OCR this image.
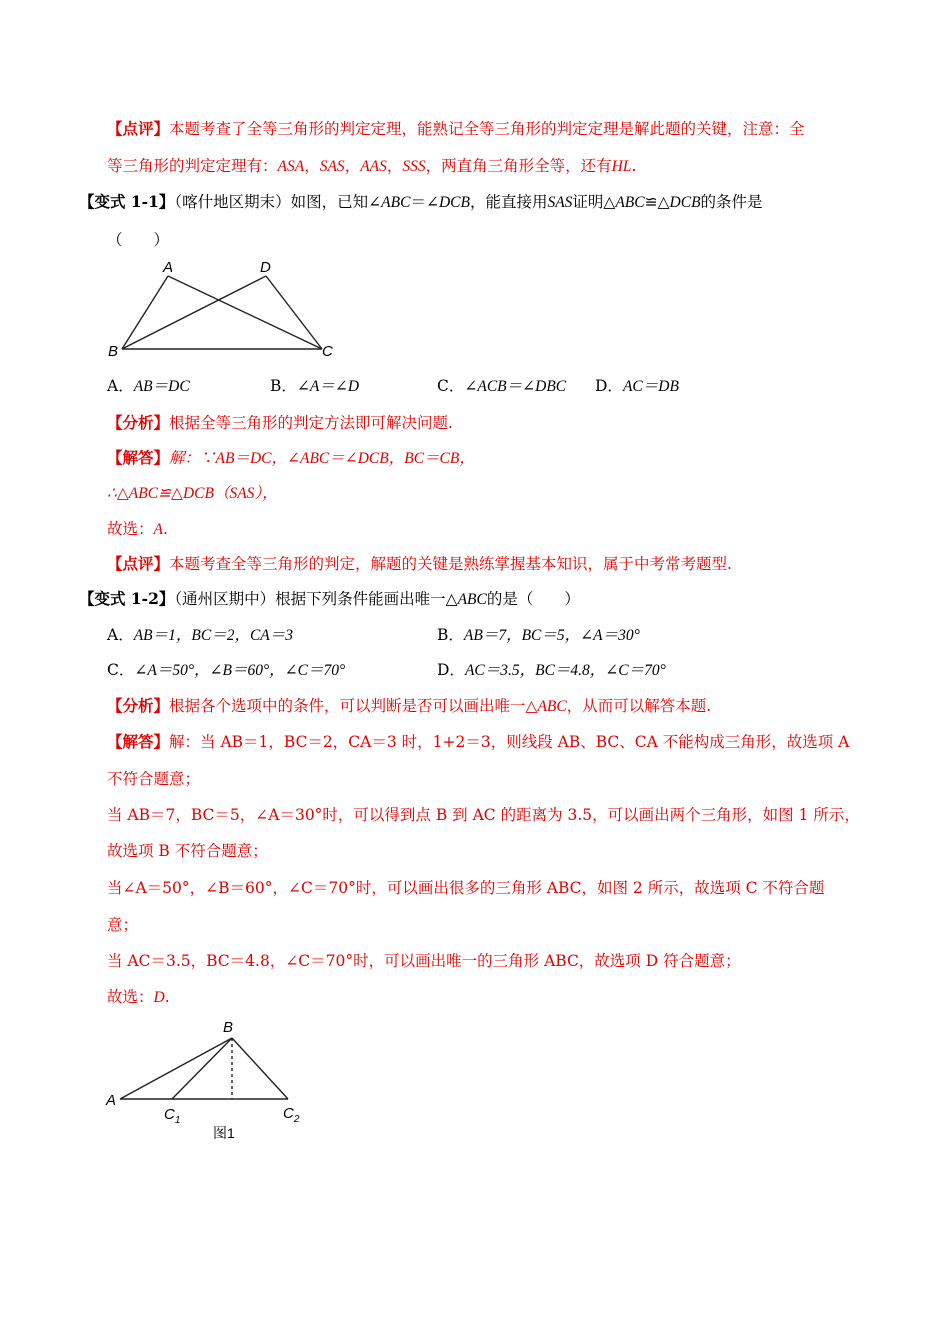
【点评】本题考查了全等三角形的判定定理，能熟记全等三角形的判定定理是解此题的关键，注意：全
等三角形的判定定理有：ASA，SAS，AAS，SSS，两直角三角形全等，还有HL.
【变式 1-1】（喀什地区期末）如图，已知∠ABC＝∠DCB，能直接用SAS证明△ABC≌△DCB的条件是
（　　）
A	D
B	C
A．AB＝DC	B．∠A＝∠D	C．∠ACB＝∠DBC D．AC＝DB
【分析】根据全等三角形的判定方法即可解决问题.
【解答】解：∵AB＝DC，∠ABC＝∠DCB，BC＝CB，
∴△ABC≌△DCB（SAS），
故选：A.
【点评】本题考查全等三角形的判定，解题的关键是熟练掌握基本知识，属于中考常考题型.
【变式 1-2】（通州区期中）根据下列条件能画出唯一△ABC的是（　　）
A．AB＝1，BC＝2，CA＝3	B．AB＝7，BC＝5，∠A＝30°
C．∠A＝50°，∠B＝60°，∠C＝70°	D．AC＝3.5，BC＝4.8，∠C＝70°
【分析】根据各个选项中的条件，可以判断是否可以画出唯一△ABC，从而可以解答本题.
【解答】解：当 AB＝1，BC＝2，CA＝3 时，1+2＝3，则线段 AB、BC、CA 不能构成三角形，故选项 A
不符合题意；
当 AB＝7，BC＝5，∠A＝30°时，可以得到点 B 到 AC 的距离为 3.5，可以画出两个三角形，如图 1 所示，
故选项 B 不符合题意；
当∠A＝50°，∠B＝60°，∠C＝70°时，可以画出很多的三角形 ABC，如图 2 所示，故选项 C 不符合题
意；
当 AC＝3.5，BC＝4.8，∠C＝70°时，可以画出唯一的三角形 ABC，故选项 D 符合题意；
故选：D.
B
A
$C_1$	$C_2$
图1
